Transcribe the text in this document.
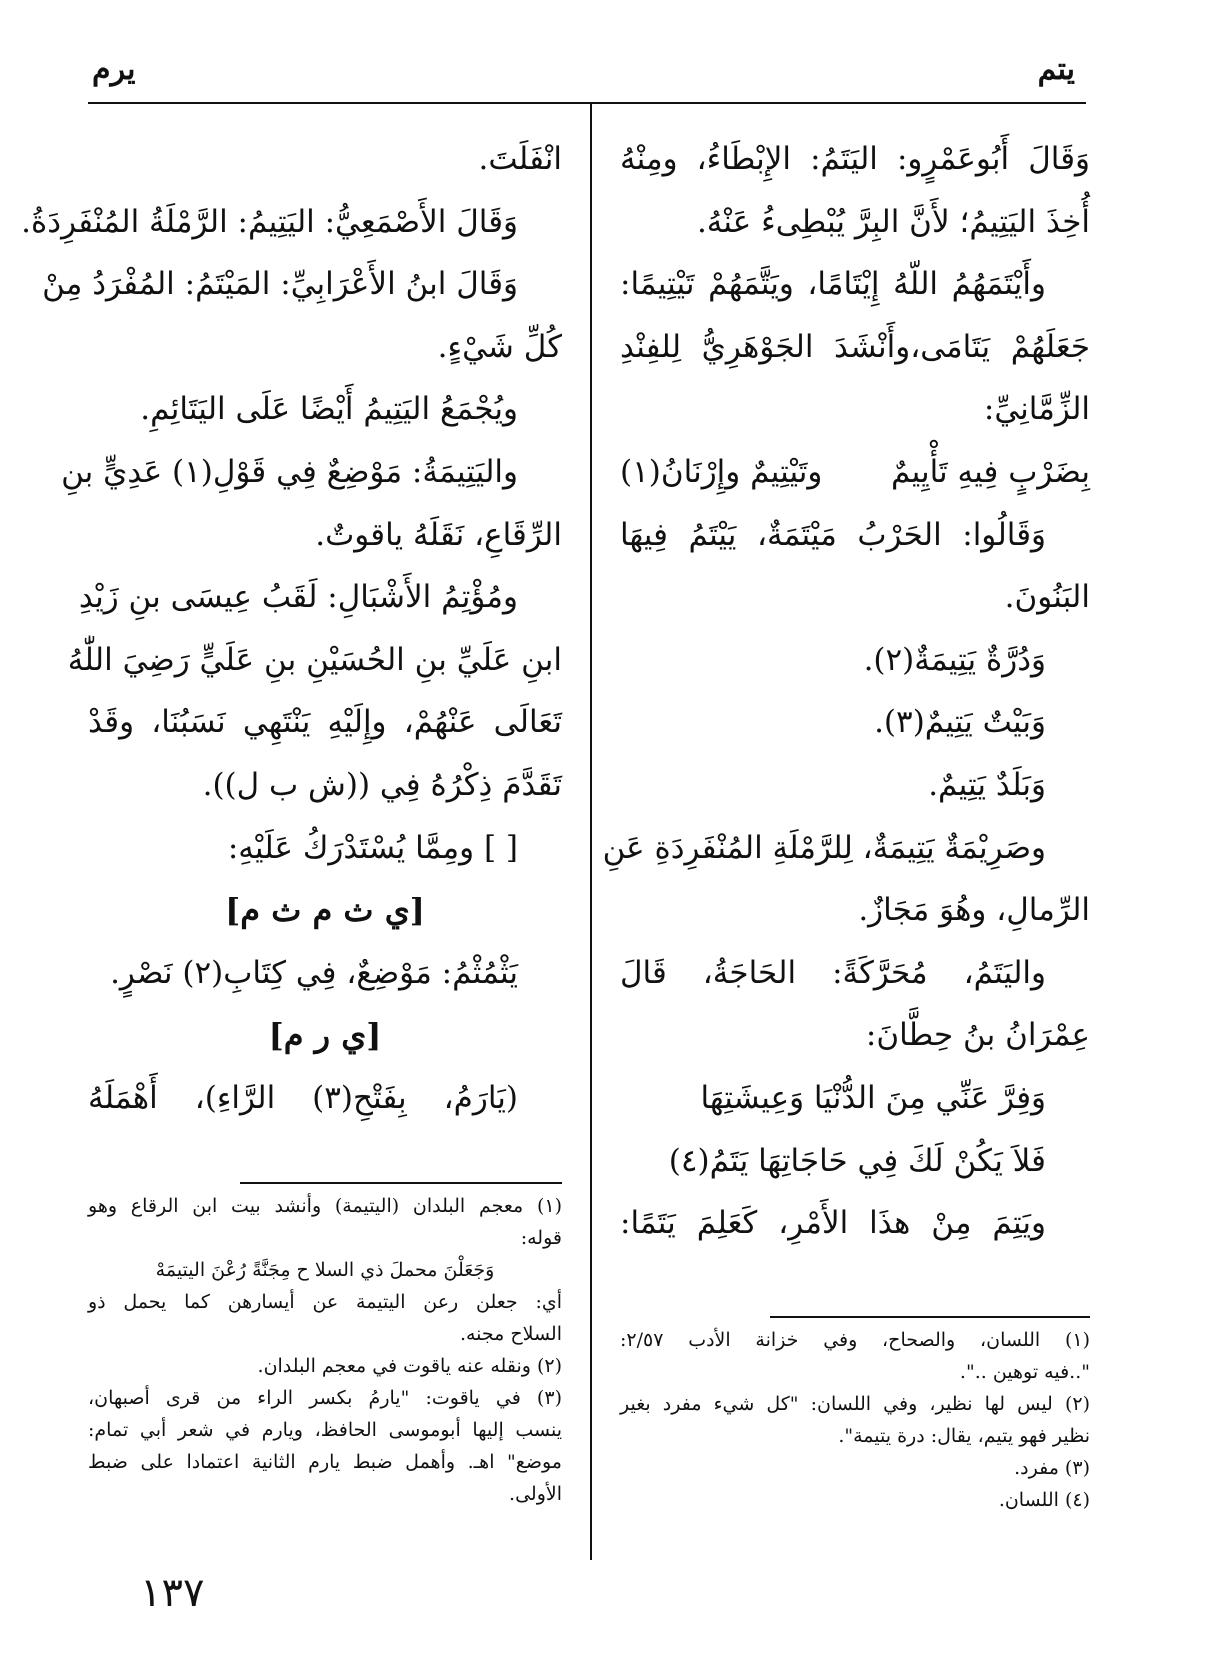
يتم
يرم
وَقَالَ أَبُوعَمْرٍو: اليَتَمُ: الإِبْطَاءُ، ومِنْهُ
أُخِذَ اليَتِيمُ؛ لأَنَّ البِرَّ يُبْطِىءُ عَنْهُ.
وأَيْتَمَهُمُ اللّهُ إِيْتَامًا، ويَتَّمَهُمْ تَيْتِيمًا:
جَعَلَهُمْ يَتَامَى،وأَنْشَدَ الجَوْهَرِيُّ لِلفِنْدِ
الزِّمَّانِيِّ:
بِضَرْبٍ فِيهِ تَأْيِيمٌ
وتَيْتِيمٌ وإِرْنَانُ(١)
وَقَالُوا: الحَرْبُ مَيْتَمَةٌ، يَيْتَمُ فِيهَا
البَنُونَ.
وَدُرَّةٌ يَتِيمَةٌ(٢).
وَبَيْتٌ يَتِيمٌ(٣).
وَبَلَدٌ يَتِيمٌ.
وصَرِيْمَةٌ يَتِيمَةٌ، لِلرَّمْلَةِ المُنْفَرِدَةِ عَنِ
الرِّمالِ، وهُوَ مَجَازٌ.
واليَتَمُ، مُحَرَّكَةً: الحَاجَةُ، قَالَ
عِمْرَانُ بنُ حِطَّانَ:
وَفِرَّ عَنِّي مِنَ الدُّنْيَا وَعِيشَتِهَا
فَلاَ يَكُنْ لَكَ فِي حَاجَاتِهَا يَتَمُ(٤)
ويَتِمَ مِنْ هذَا الأَمْرِ، كَعَلِمَ يَتَمًا:
انْفَلَتَ.
وَقَالَ الأَصْمَعِيُّ: اليَتِيمُ: الرَّمْلَةُ المُنْفَرِدَةُ.
وَقَالَ ابنُ الأَعْرَابِيِّ: المَيْتَمُ: المُفْرَدُ مِنْ
كُلِّ شَيْءٍ.
ويُجْمَعُ اليَتِيمُ أَيْضًا عَلَى اليَتَائِمِ.
واليَتِيمَةُ: مَوْضِعٌ فِي قَوْلِ(١) عَدِيٍّ بنِ
الرِّقَاعِ، نَقَلَهُ ياقوتٌ.
ومُؤْتِمُ الأَشْبَالِ: لَقَبُ عِيسَى بنِ زَيْدِ
ابنِ عَلَيِّ بنِ الحُسَيْنِ بنِ عَلَيٍّ رَضِيَ اللّٰهُ
تَعَالَى عَنْهُمْ، وإِلَيْهِ يَنْتَهِي نَسَبُنَا، وقَدْ
تَقَدَّمَ ذِكْرُهُ فِي ((ش ب ل)).
[ ] ومِمَّا يُسْتَدْرَكُ عَلَيْهِ:
[ي ث م ث م]
يَثْمُثْمُ: مَوْضِعٌ، فِي كِتَابِ(٢) نَصْرٍ.
[ي ر م]
(يَارَمُ، بِفَتْحِ(٣) الرَّاءِ)، أَهْمَلَهُ
(١) معجم البلدان (اليتيمة) وأنشد بيت ابن الرقاع وهو
قوله:
وَجَعَلْنَ محملَ ذي السلا ح مِجَنَّةً رُعْنَ اليتيمَهْ
أي: جعلن رعن اليتيمة عن أيسارهن كما يحمل ذو
السلاح مجنه.
(٢) ونقله عنه ياقوت في معجم البلدان.
(٣) في ياقوت: "يارمُ بكسر الراء من قرى أصبهان،
ينسب إليها أبوموسى الحافظ، ويارم في شعر أبي تمام:
موضع" اهـ. وأهمل ضبط يارم الثانية اعتمادا على ضبط
الأولى.
(١) اللسان، والصحاح، وفي خزانة الأدب ٢/٥٧:
"..فيه توهين ..".
(٢) ليس لها نظير، وفي اللسان: "كل شيء مفرد بغير
نظير فهو يتيم، يقال: درة يتيمة".
(٣) مفرد.
(٤) اللسان.
١٣٧
